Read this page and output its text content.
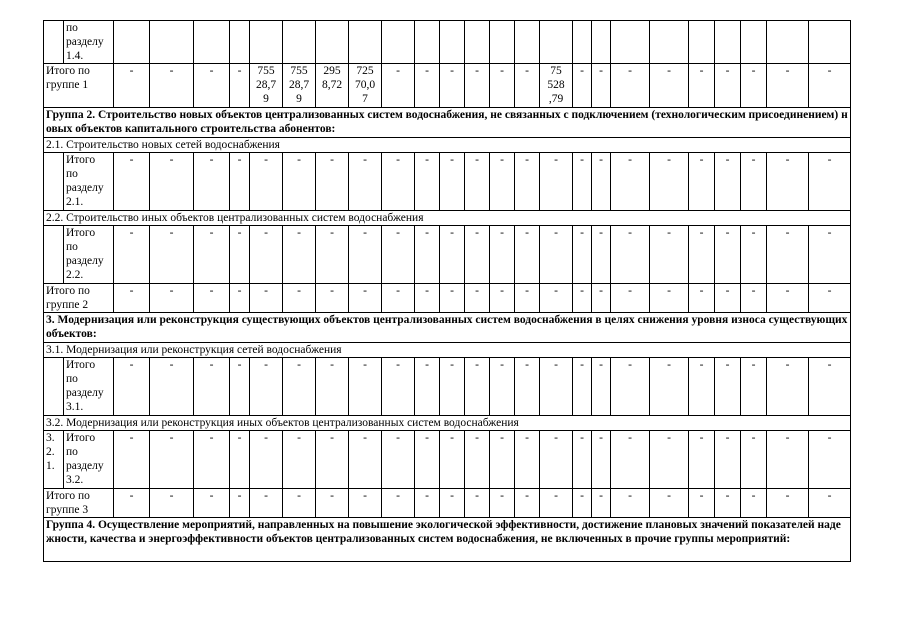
	по
разделу
1.4.																								
Итого по
группе 1		-	-	-	-	755
28,7
9	755
28,7
9	295
8,72	725
70,0
7	-	-	-	-	-	-	75
528
,79	-	-	-	-	-	-	-	-	-
Группа 2. Строительство новых объектов централизованных систем водоснабжения, не связанных с подключением (технологическим присоединением) новых объектов капитального строительства абонентов:																									
2.1. Строительство новых сетей водоснабжения																									
	Итого
по
разделу
2.1.	-	-	-	-	-	-	-	-	-	-	-	-	-	-	-	-	-	-	-	-	-	-	-	-
2.2. Строительство иных объектов централизованных систем водоснабжения																									
	Итого
по
разделу
2.2.	-	-	-	-	-	-	-	-	-	-	-	-	-	-	-	-	-	-	-	-	-	-	-	-
Итого по
группе 2		-	-	-	-	-	-	-	-	-	-	-	-	-	-	-	-	-	-	-	-	-	-	-	-
3. Модернизация или реконструкция существующих объектов централизованных систем водоснабжения в целях снижения уровня износа существующих объектов:																									
3.1. Модернизация или реконструкция сетей водоснабжения																									
	Итого
по
разделу
3.1.	-	-	-	-	-	-	-	-	-	-	-	-	-	-	-	-	-	-	-	-	-	-	-	-
3.2. Модернизация или реконструкция иных объектов централизованных систем водоснабжения																									
3.
2.
1.	Итого
по
разделу
3.2.	-	-	-	-	-	-	-	-	-	-	-	-	-	-	-	-	-	-	-	-	-	-	-	-
Итого по
группе 3		-	-	-	-	-	-	-	-	-	-	-	-	-	-	-	-	-	-	-	-	-	-	-	-
Группа 4. Осуществление мероприятий, направленных на повышение экологической эффективности, достижение плановых значений показателей надежности, качества и энергоэффективности объектов централизованных систем водоснабжения, не включенных в прочие группы мероприятий:																									
